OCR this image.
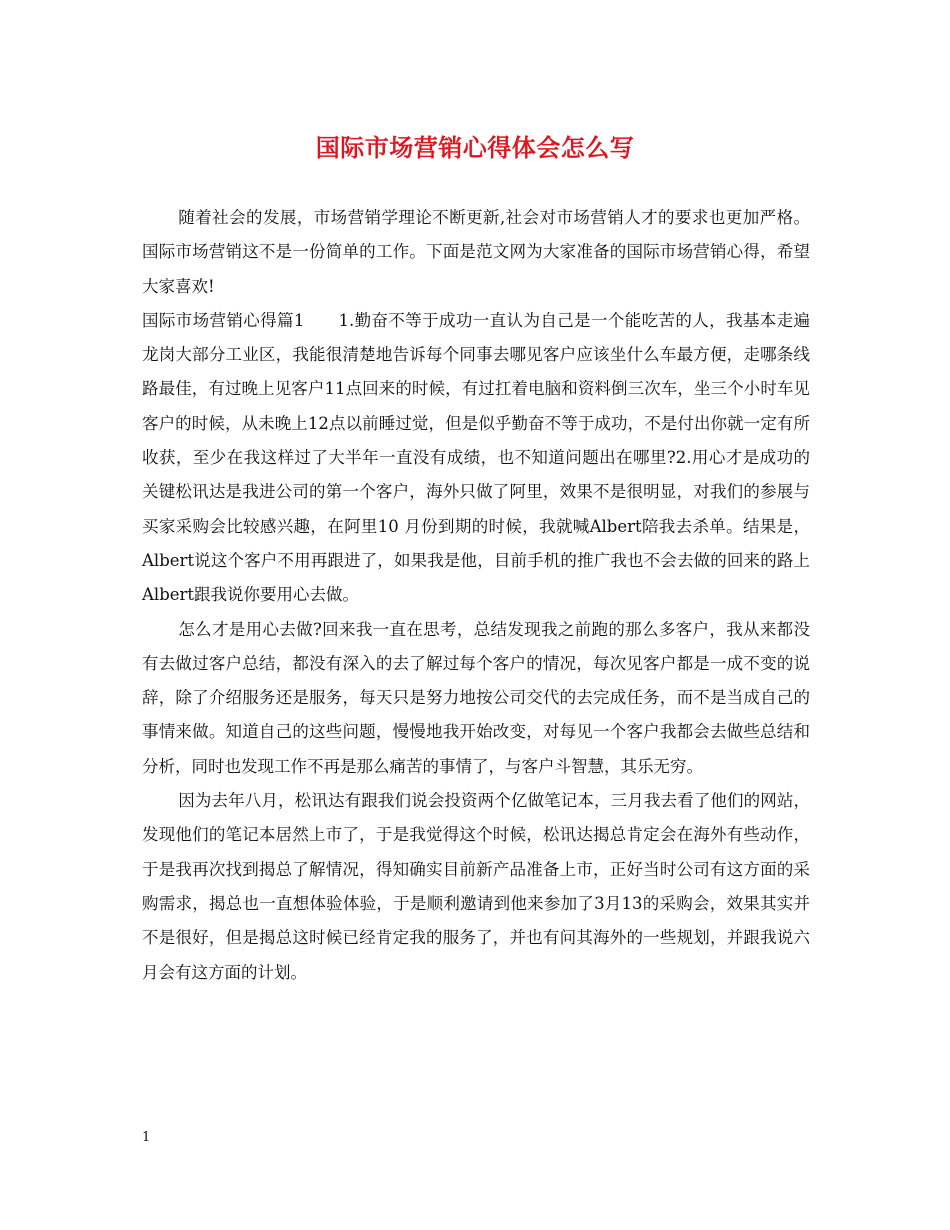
国际市场营销心得体会怎么写

随着社会的发展，市场营销学理论不断更新,社会对市场营销人才的要求也更加严格。国际市场营销这不是一份简单的工作。下面是范文网为大家准备的国际市场营销心得，希望大家喜欢!

国际市场营销心得篇1　　1.勤奋不等于成功一直认为自己是一个能吃苦的人，我基本走遍龙岗大部分工业区，我能很清楚地告诉每个同事去哪见客户应该坐什么车最方便，走哪条线路最佳，有过晚上见客户11点回来的时候，有过扛着电脑和资料倒三次车，坐三个小时车见客户的时候，从未晚上12点以前睡过觉，但是似乎勤奋不等于成功，不是付出你就一定有所收获，至少在我这样过了大半年一直没有成绩，也不知道问题出在哪里?2.用心才是成功的关键松讯达是我进公司的第一个客户，海外只做了阿里，效果不是很明显，对我们的参展与买家采购会比较感兴趣，在阿里10 月份到期的时候，我就喊Albert陪我去杀单。结果是，Albert说这个客户不用再跟进了，如果我是他，目前手机的推广我也不会去做的回来的路上Albert跟我说你要用心去做。

怎么才是用心去做?回来我一直在思考，总结发现我之前跑的那么多客户，我从来都没有去做过客户总结，都没有深入的去了解过每个客户的情况，每次见客户都是一成不变的说辞，除了介绍服务还是服务，每天只是努力地按公司交代的去完成任务，而不是当成自己的事情来做。知道自己的这些问题，慢慢地我开始改变，对每见一个客户我都会去做些总结和分析，同时也发现工作不再是那么痛苦的事情了，与客户斗智慧，其乐无穷。

因为去年八月，松讯达有跟我们说会投资两个亿做笔记本，三月我去看了他们的网站，发现他们的笔记本居然上市了，于是我觉得这个时候，松讯达揭总肯定会在海外有些动作，于是我再次找到揭总了解情况，得知确实目前新产品准备上市，正好当时公司有这方面的采购需求，揭总也一直想体验体验，于是顺利邀请到他来参加了3月13的采购会，效果其实并不是很好，但是揭总这时候已经肯定我的服务了，并也有问其海外的一些规划，并跟我说六月会有这方面的计划。

1
